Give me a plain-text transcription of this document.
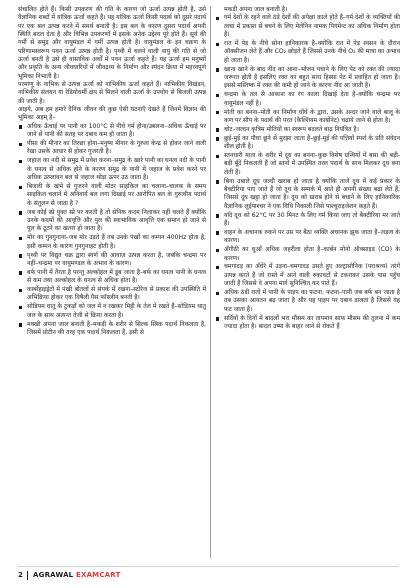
संचालित होते हैं। किसी उपकरण की गति के कारण जो ऊर्जा उत्पन्न होती है, उसे वैज्ञानिक शब्दों में यांत्रिक ऊर्जा कहते हैं। यह यांत्रिक ऊर्जा किसी पदार्थ को दूसरे पदार्थ पर एक बल उत्पन्न करने में समर्थ बनाती है। इस बल के कारण दूसरा पदार्थ अपनी स्थिति बदल देता है और विभिन्न उपकरणों में इसके अनेक उद्देश्य पूरे होते हैं। सूर्य की गर्मी से समुद्र और वायुमंडल में गर्मी उत्पन्न होती है। वायुमंडल के इन चक्रण के परिणामस्वरूप पवन ऊर्जा उत्पन्न होती है। पृथ्वी में चलने वाली वायु की गति से जो ऊर्जा बनती है उसे ही वास्तविक अर्थों में पवन ऊर्जा कहते हैं। यह ऊर्जा हम मनुष्यों और प्रकृति के अन्य जीवधारियों में जीवद्रव्य के निर्माण और स्पंदन क्रिया में महत्त्वपूर्ण भूमिका निभाती है।

परमाणु के नाभिक से उत्पन्न ऊर्जा को नाभिकीय ऊर्जा कहते हैं। नाभिकीय विखंडन, नाभिकीय संलयन या रेडियोधर्मी क्षय से मिलने वाली ऊर्जा के उपयोग से बिजली उत्पन्न की जाती है।

आइये, अब हम हमारे दैनिक जीवन की कुछ ऐसी घटनाएँ देखते हैं जिनमें विज्ञान की भूमिका अहम् है–

अधिक ऊँचाई पर पानी का 100°C से नीचे गर्म होना/उबलना–अधिक ऊँचाई पर जाने से पानी की सतह पर दबाव कम हो जाता है।
पीसा की मीनार का तिरछा होना–मनुष्य मीनार के गुरुत्व केन्द्र से होकर जाने वाली रेखा उसके आधार से होकर गुजरती है।
जहाज का नदी से समुद्र में प्रवेश करना–समुद्र के खारे पानी का घनत्व नदी के पानी के घनत्व से अधिक होने के कारण समुद्र के पानी में जहाज के प्रवेश करने पर अधिक उत्प्लावन बल से जहाज थोड़ा ऊपर उठ जाता है।
बिजली के खंभे से गुजरने वाली मोटर साइकिल का चलाना–चालक के समय साइकिल चलाने में अनिवार्य बल लगा दिखाई पर आरोपित बल के गुरुत्वीय पदार्थ के संतुलन से जाता है ?
जब कोई स्प्रे युक्त स्प्रे पर करती है तो सेनिक कदम निलाकर नहीं चलते हैं क्योंकि उनके कदमों की आवृत्ति और पुल की स्वाभाविक आवृत्ति एक समान हो जाने से पुल के टूटने का खतरा हो जाता है।
मोर का गुनगुनाना–जब मोर उड़ते हैं तब उनके पंखों का कम्पन 400Hz होता है, इसी कम्पन के कारण गुनगुनाहट होती है।
पृथ्वी पर विद्युत चक्र द्वारा स्वर्ण की आवाज़ उत्पन्न करता है, जबकि चन्द्रमा पर नहीं–चन्द्रमा पर वायुमण्डल के अभाव के कारण।
बर्फ पानी में तैरता है परन्तु अल्कोहल में डूब जाता है–बर्फ का घनत्व पानी के घनत्व से कम तथा अल्कोहल के घनत्व से अधिक होता है।
कार्बोहाइड्रेटों में पंखी बोतलों से संपर्क में रखना–स्टोरेज से प्रकाश की उपस्थिति में अभिक्रिया होकर एक विषैली गैस फॉस्जीन बनती है।
सोडियम धातु के टुकड़ों को जल में न रखकर मिट्टी के तेल में रखते हैं–सोडियम धातु जल के साथ अत्यन्त तेजी से क्रिया करता है।
मक्खी अपना जाल बनाती है–मकड़ी के शरीर से सिल्क स्त्रिक पदार्थ निकलता है, जिसमें प्रोटीन की तरह एक पदार्थ निकलता है, इसी से

मकड़ी अपना जाल बनाती है।

गर्म देशों के रहने वाले ठंडे देशों की अपेक्षा काले होते हैं–गर्म देशों के व्यक्तियों की त्वचा में प्रकाश से बचने के लिए मेलेनिन नामक पिगमेन्ट का अधिक निर्माण होता है।
रात में पेड़ के नीचे सोना हानिकारक है–क्योंकि रात में पेड़ श्वसन के दौरान ऑक्सीजन लेते हैं और CO₂ छोड़ते हैं जिससे उनके नीचे O₂ की मात्रा का अभाव हो जाता है।
खाना खाने के बाद नींद का आना–भोजन पचाने के लिए पेट को रक्त की ज्यादा जरूरत होती है इसलिए रक्त का बहुत सारा हिस्सा पेट में प्रवाहित हो जाता है। इससे मस्तिष्क में रक्त की कमी हो जाने के कारण नींद आ जाती है।
चन्द्रमा के तल से आकाश का रंग काला दिखाई देता है–क्योंकि चन्द्रमा पर वायुमंडल नहीं है।
मोती का बनना–मोती का निर्माण घोंघे के द्वारा, उसके अन्दर जाने वाले बालू के कण पर सीप के पदार्थ की परत (कैल्शियम कार्बोनेट) चढ़ाये जाने से होता है।
चोट–जल्दन कृत्रिम मोतियों का स्वरूप बदलते बाढ़ नियंत्रित है।
छुई-मुई का पौधा छूने से मुरझा जाता है–छुई-मुई की पत्तियों स्पर्श के प्रति संवेदन शील होती है।
स्तनधारी माता के शरीर में दूध का बनना–कुछ विशेष ग्रन्थियों में बसा की बड़ी-बड़ी बूँदें निकलती हैं जो स्तनों में उपस्थित तरल पदार्थ के साथ मिलकर दूध बना लेती हैं।
बिना उबाले दूध जल्दी खराब हो जाता है क्योंकि ताजे दूध में कई प्रकार के बैक्टीरिया पाए जाते हैं जो दूध के सम्पर्क में आते ही अपनी संख्या बढ़ा लेते हैं, जिससे दूध खट्टा हो जाता है। दूध को खराब होने से बचाने के लिए हानिकारिक वैज्ञानिक लुईपाश्चर ने एक विधि निकाली जिसे पाश्चुराइजेशन कहते हैं।
यदि दूध को 62°C पर 30 मिनट के लिए गर्म किया जाए तो बैक्टीरिया मर जाते हैं।
वाहन के अचानक रुकने पर उस पर बैठा व्यक्ति अचानक झुक जाता है–जड़त्व के कारण।
अँगीठी का धुआँ अधिक जहरीला होता है–कार्बन मोनो ऑक्साइड (CO) के कारण।
चमगादड़ का अँधेरे में उड़ना–चमगादड़ उसते हुए अल्ट्रासोनिक (पराश्रव्य) तरंगें उत्पन्न करते हैं जो रास्ते में आने वाली रुकावटों से टकराकर उसके पास पहुँच जाती हैं जिससे वे अपना मार्ग सुनिश्चित कर पाते हैं।
अधिक ठंडी रातों में पानी के पाइप का फटना: फटना–पानी जब बर्फ बन जाता है तब उसका आयतन बढ़ जाता है और यह पाइप पर दबाव डालता है जिससे वह फट जाता है।
सर्दियों के दिनों में बादलों भरा मौसम का तापमान साफ मौसम की तुलना में कम ज्यादा होता है। बादल उष्मा के बाहर जाने से रोकते हैं
2 AGRAWAL EXAMCART
